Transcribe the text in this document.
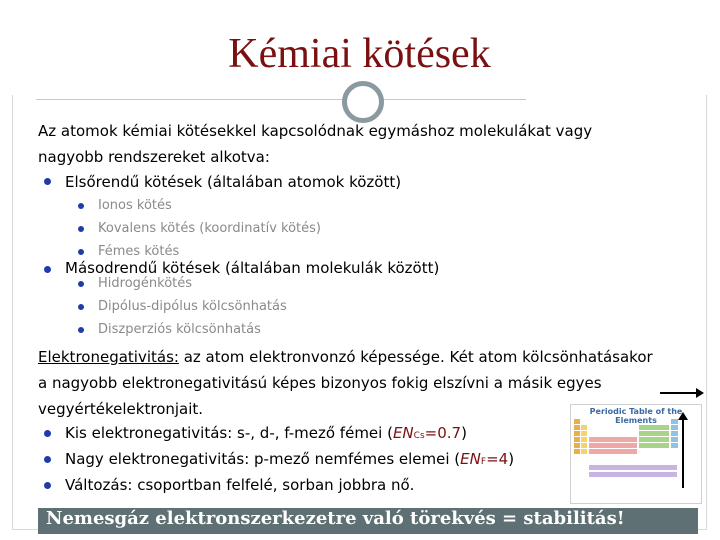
Kémiai kötések
Az atomok kémiai kötésekkel kapcsolódnak egymáshoz molekulákat vagy
nagyobb rendszereket alkotva:
Elsőrendű kötések (általában atomok között)
Ionos kötés
Kovalens kötés (koordinatív kötés)
Fémes kötés
Másodrendű kötések (általában molekulák között)
Hidrogénkötés
Dipólus-dipólus kölcsönhatás
Diszperziós kölcsönhatás
Elektronegativitás: az atom elektronvonzó képessége. Két atom kölcsönhatásakor
a nagyobb elektronegativitású képes bizonyos fokig elszívni a másik egyes
vegyértékelektronjait.
Kis elektronegativitás: s-, d-, f-mező fémei (ENCs=0.7)
Nagy elektronegativitás: p-mező nemfémes elemei (ENF=4)
Változás: csoportban felfelé, sorban jobbra nő.
Periodic Table of the Elements
Nemesgáz elektronszerkezetre való törekvés = stabilitás!
